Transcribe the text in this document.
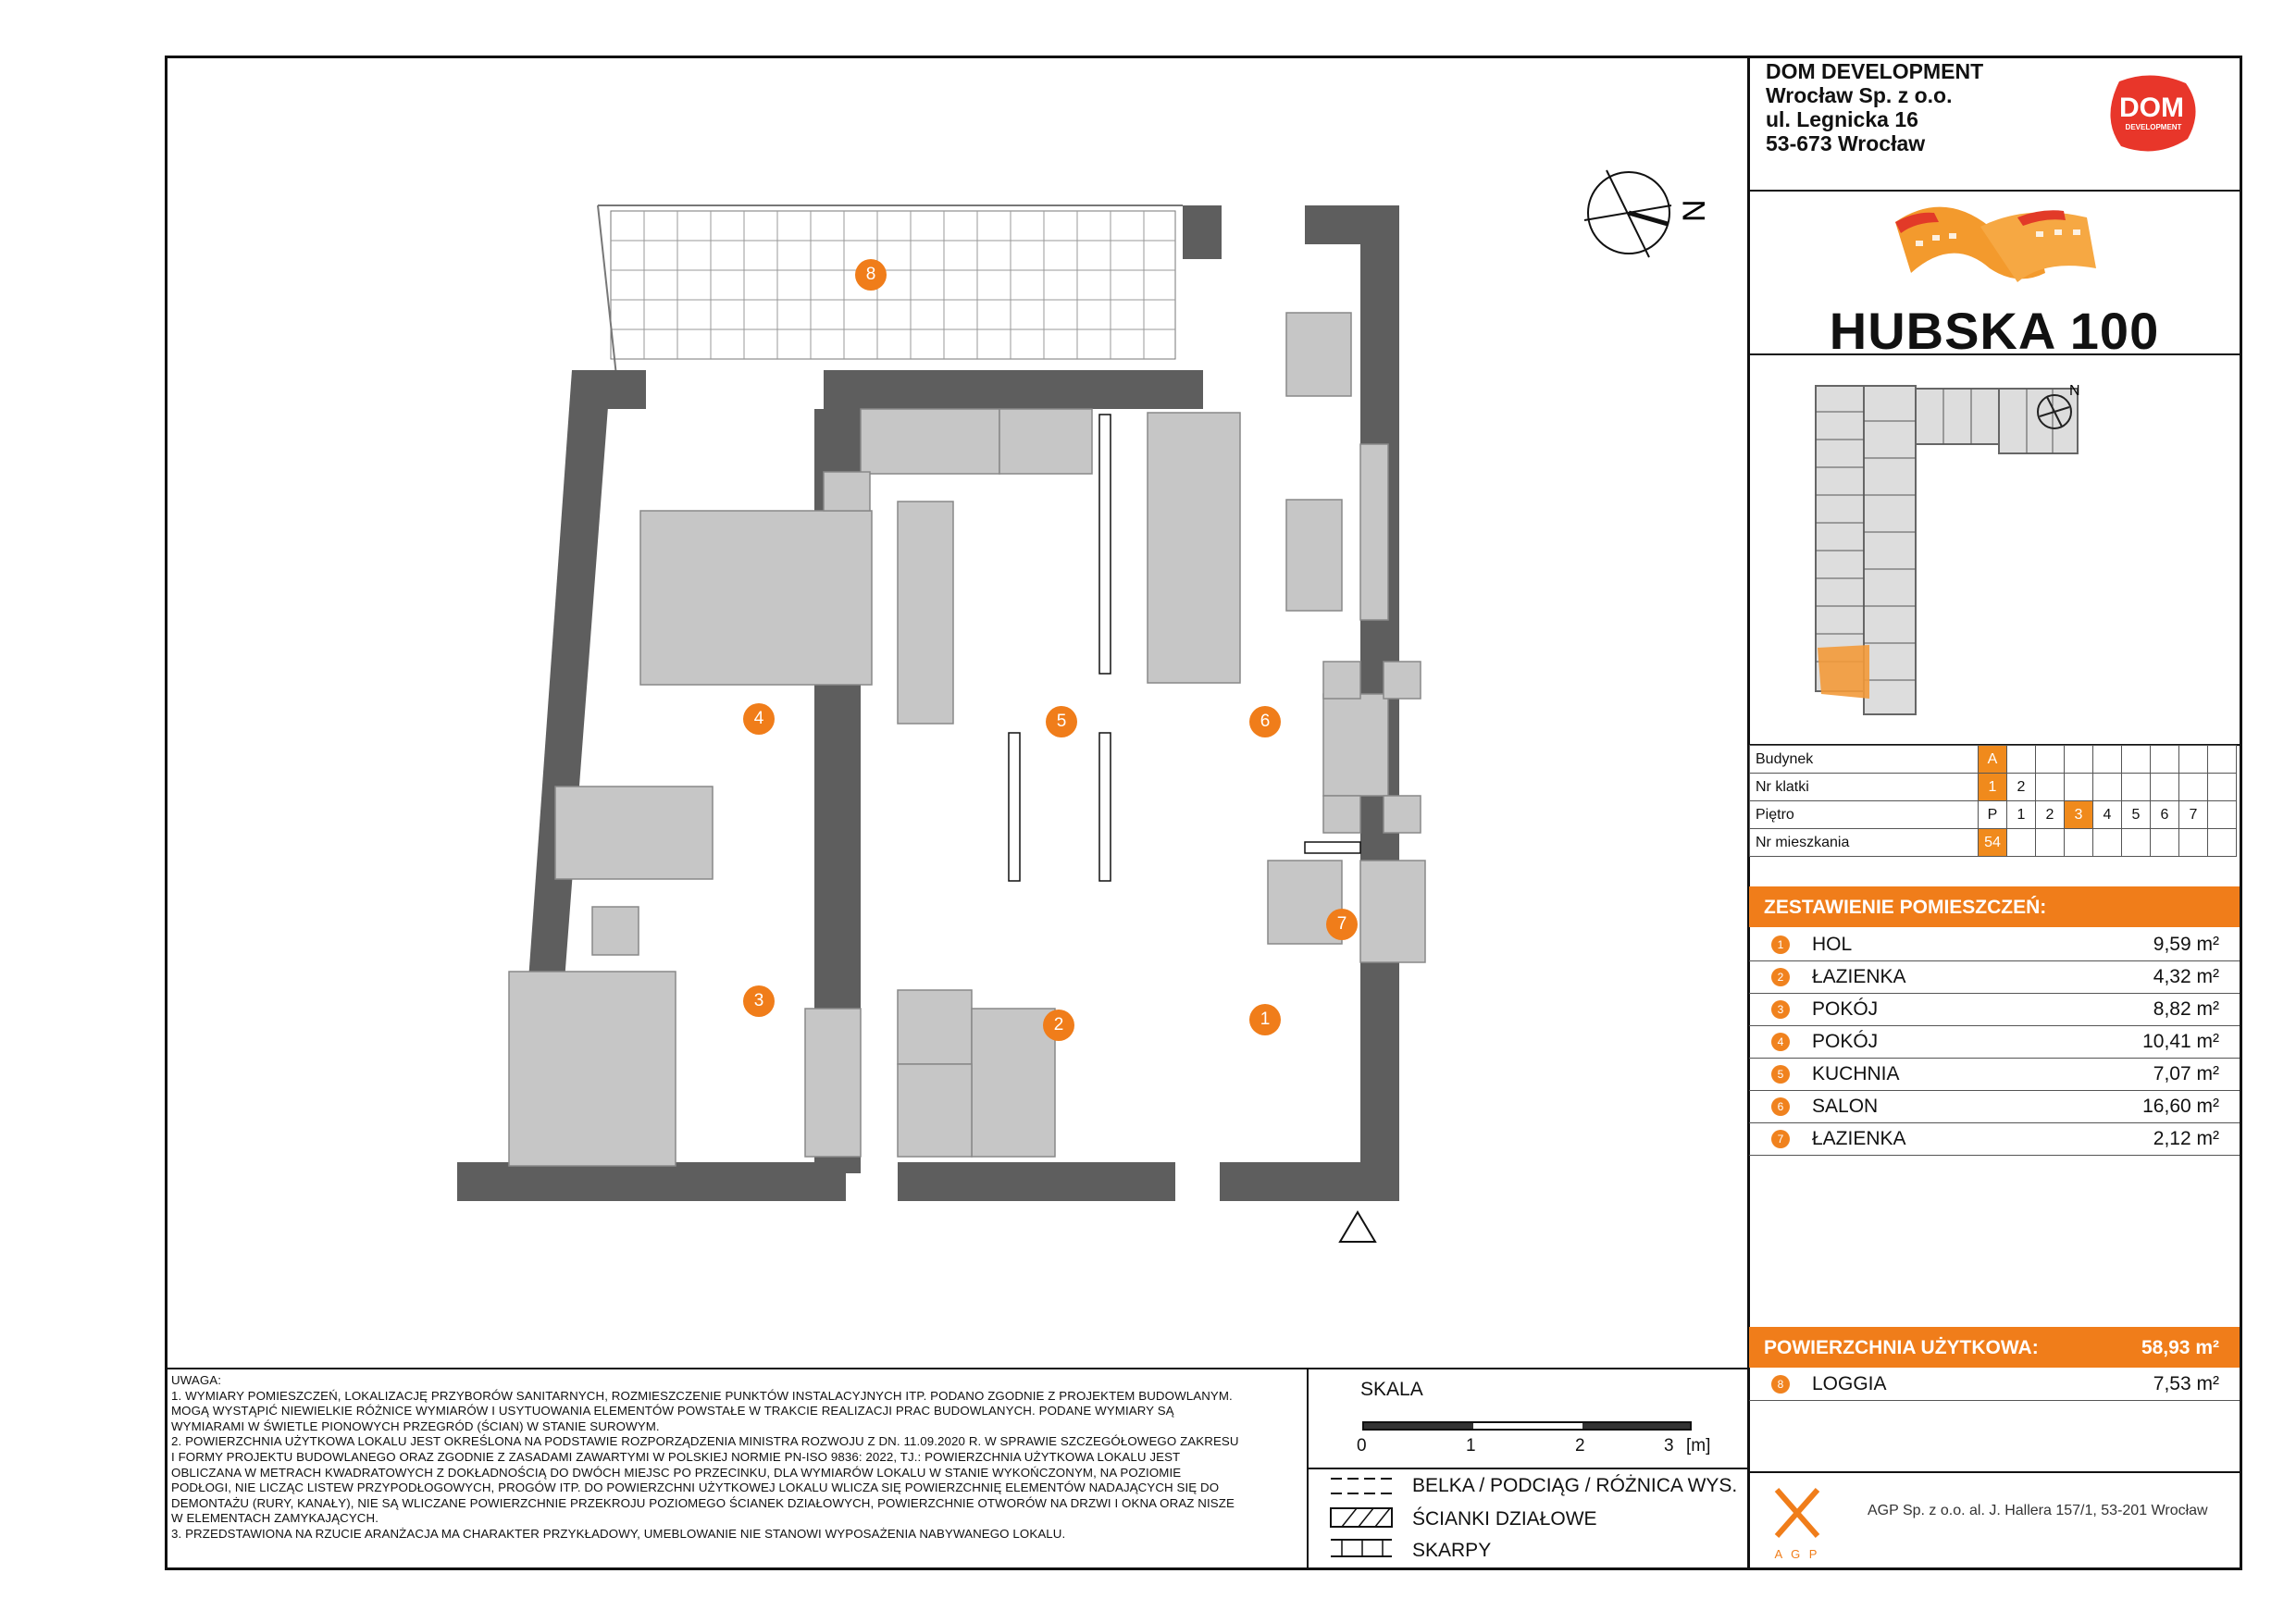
DOM DEVELOPMENT
Wrocław Sp. z o.o.
ul. Legnicka 16
53-673 Wrocław
DOM
DEVELOPMENT
HUBSKA 100
N
Budynek	A								
Nr klatki	1	2							
Piętro	P	1	2	3	4	5	6	7	
Nr mieszkania	54								
ZESTAWIENIE POMIESZCZEŃ:
1	HOL	9,59 m²
2	ŁAZIENKA	4,32 m²
3	POKÓJ	8,82 m²
4	POKÓJ	10,41 m²
5	KUCHNIA	7,07 m²
6	SALON	16,60 m²
7	ŁAZIENKA	2,12 m²
POWIERZCHNIA UŻYTKOWA:	58,93 m²
8	LOGGIA	7,53 m²
UWAGA:
1. WYMIARY POMIESZCZEŃ, LOKALIZACJĘ PRZYBORÓW SANITARNYCH, ROZMIESZCZENIE PUNKTÓW INSTALACYJNYCH ITP. PODANO ZGODNIE Z PROJEKTEM BUDOWLANYM.
MOGĄ WYSTĄPIĆ NIEWIELKIE RÓŻNICE WYMIARÓW I USYTUOWANIA ELEMENTÓW POWSTAŁE W TRAKCIE REALIZACJI PRAC BUDOWLANYCH. PODANE WYMIARY SĄ
WYMIARAMI W ŚWIETLE PIONOWYCH PRZEGRÓD (ŚCIAN) W STANIE SUROWYM.
2. POWIERZCHNIA UŻYTKOWA LOKALU JEST OKREŚLONA NA PODSTAWIE ROZPORZĄDZENIA MINISTRA ROZWOJU Z DN. 11.09.2020 R. W SPRAWIE SZCZEGÓŁOWEGO ZAKRESU
I FORMY PROJEKTU BUDOWLANEGO ORAZ ZGODNIE Z ZASADAMI ZAWARTYMI W POLSKIEJ NORMIE PN-ISO 9836: 2022, TJ.: POWIERZCHNIA UŻYTKOWA LOKALU JEST
OBLICZANA W METRACH KWADRATOWYCH Z DOKŁADNOŚCIĄ DO DWÓCH MIEJSC PO PRZECINKU, DLA WYMIARÓW LOKALU W STANIE WYKOŃCZONYM, NA POZIOMIE
PODŁOGI, NIE LICZĄC LISTEW PRZYPODŁOGOWYCH, PROGÓW ITP. DO POWIERZCHNI UŻYTKOWEJ LOKALU WLICZA SIĘ POWIERZCHNIĘ ELEMENTÓW NADAJĄCYCH SIĘ DO
DEMONTAŻU (RURY, KANAŁY), NIE SĄ WLICZANE POWIERZCHNIE PRZEKROJU POZIOMEGO ŚCIANEK DZIAŁOWYCH, POWIERZCHNIE OTWORÓW NA DRZWI I OKNA ORAZ NISZE
W ELEMENTACH ZAMYKAJĄCYCH.
3. PRZEDSTAWIONA NA RZUCIE ARANŻACJA MA CHARAKTER PRZYKŁADOWY, UMEBLOWANIE NIE STANOWI WYPOSAŻENIA NABYWANEGO LOKALU.
SKALA
0	1	2	3 [m]
BELKA / PODCIĄG / RÓŻNICA WYS.
ŚCIANKI DZIAŁOWE
SKARPY	A G P
AGP Sp. z o.o. al. J. Hallera 157/1, 53-201 Wrocław
N
8
4	5	6
7
3
2	1
